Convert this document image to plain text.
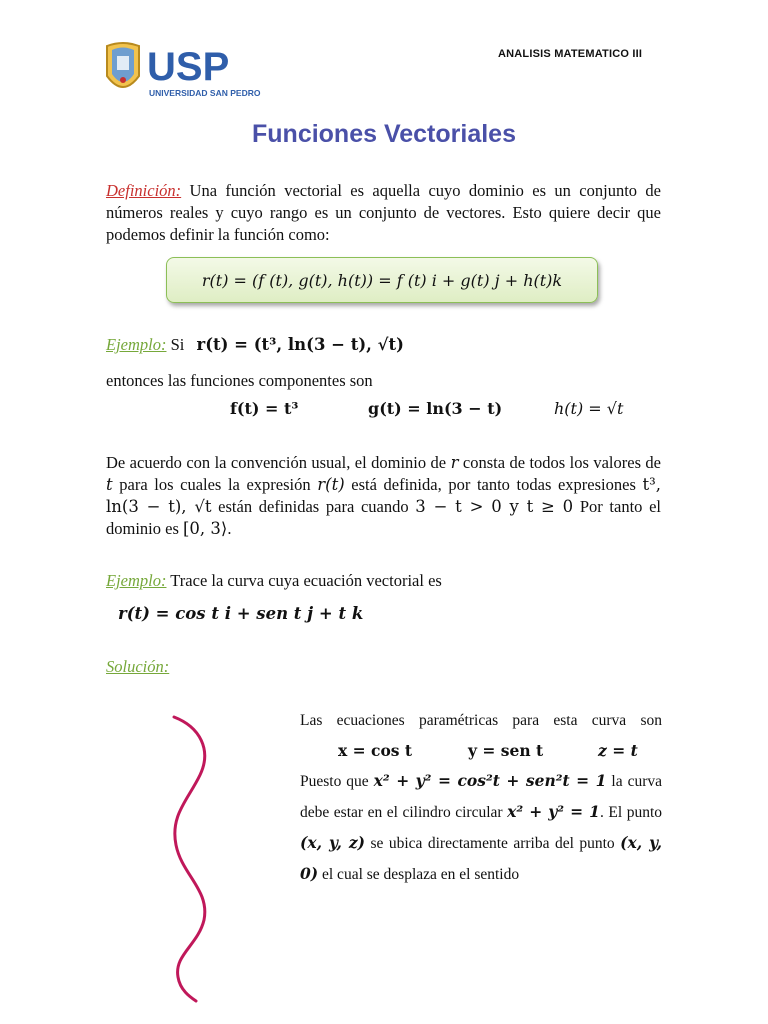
USP
UNIVERSIDAD SAN PEDRO
ANALISIS MATEMATICO III
Funciones Vectoriales
Definición: Una función vectorial es aquella cuyo dominio es un conjunto de números reales y cuyo rango es un conjunto de vectores. Esto quiere decir que podemos definir la función como:
r(t) = (f (t), g(t), h(t)) = f (t) i + g(t) j + h(t)k
Ejemplo: Si r(t) = (t³, ln(3 − t), √t)
entonces las funciones componentes son
f(t) = t³	g(t) = ln(3 − t)	h(t) = √t
De acuerdo con la convención usual, el dominio de r consta de todos los valores de t para los cuales la expresión r(t) está definida, por tanto todas expresiones t³, ln(3 − t), √t están definidas para cuando 3 − t > 0 y t ≥ 0 Por tanto el dominio es [0, 3⟩.
Ejemplo: Trace la curva cuya ecuación vectorial es
r(t) = cos t i + sen t j + t k
Solución:
Las ecuaciones paramétricas para esta curva son
x = cos t	y = sen t	z = t
Puesto que x² + y² = cos²t + sen²t = 1 la curva debe estar en el cilindro circular x² + y² = 1. El punto (x, y, z) se ubica directamente arriba del punto (x, y, 0) el cual se desplaza en el sentido
